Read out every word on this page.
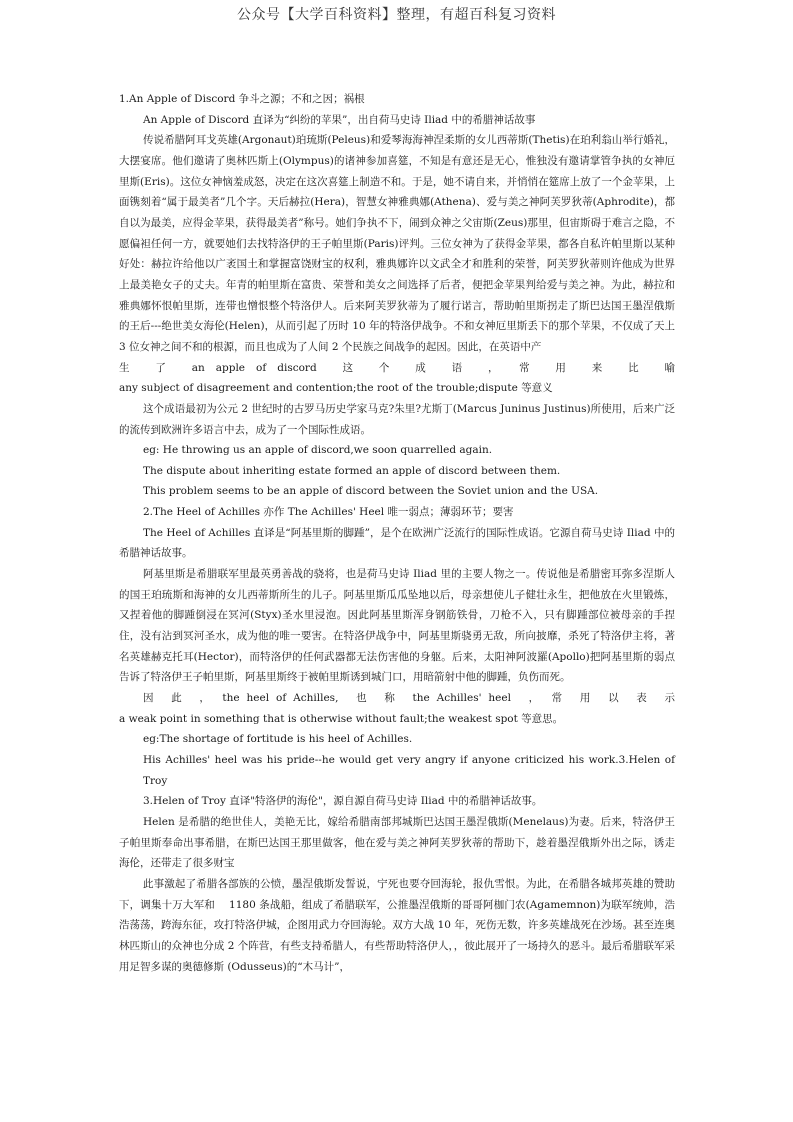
公众号【大学百科资料】整理，有超百科复习资料
1.An Apple of Discord 争斗之源；不和之因；祸根
An Apple of Discord 直译为“纠纷的苹果”，出自荷马史诗 Iliad 中的希腊神话故事
传说希腊阿耳戈英雄(Argonaut)珀琉斯(Peleus)和爱琴海海神涅柔斯的女儿西蒂斯(Thetis)在珀利翁山举行婚礼，大摆宴席。他们邀请了奥林匹斯上(Olympus)的诸神参加喜筵，不知是有意还是无心，惟独没有邀请掌管争执的女神厄里斯(Eris)。这位女神恼羞成怒，决定在这次喜筵上制造不和。于是，她不请自来，并悄悄在筵席上放了一个金苹果，上面镌刻着“属于最美者”几个字。天后赫拉(Hera)，智慧女神雅典娜(Athena)、爱与美之神阿芙罗狄蒂(Aphrodite)，都自以为最美，应得金苹果，获得最美者”称号。她们争执不下，闹到众神之父宙斯(Zeus)那里，但宙斯碍于难言之隐，不愿偏袒任何一方，就要她们去找特洛伊的王子帕里斯(Paris)评判。三位女神为了获得金苹果，都各自私许帕里斯以某种好处：赫拉许给他以广袤国土和掌握富饶财宝的权利，雅典娜许以文武全才和胜利的荣誉，阿芙罗狄蒂则许他成为世界上最美艳女子的丈夫。年青的帕里斯在富贵、荣誉和美女之间选择了后者，便把金苹果判给爱与美之神。为此，赫拉和雅典娜怀恨帕里斯，连带也憎恨整个特洛伊人。后来阿芙罗狄蒂为了履行诺言，帮助帕里斯拐走了斯巴达国王墨涅俄斯的王后---绝世美女海伦(Helen)，从而引起了历时 10 年的特洛伊战争。不和女神厄里斯丢下的那个苹果，不仅成了天上 3 位女神之间不和的根源，而且也成为了人间 2 个民族之间战争的起因。因此，在英语中产
生　了　an apple of discord　这　个　成　语　，　常　用　来　比　喻
any subject of disagreement and contention;the root of the trouble;dispute 等意义
这个成语最初为公元 2 世纪时的古罗马历史学家马克?朱里?尤斯丁(Marcus Juninus Justinus)所使用，后来广泛的流传到欧洲许多语言中去，成为了一个国际性成语。
eg: He throwing us an apple of discord,we soon quarrelled again.
The dispute about inheriting estate formed an apple of discord between them.
This problem seems to be an apple of discord between the Soviet union and the USA.
2.The Heel of Achilles 亦作 The Achilles' Heel 唯一弱点；薄弱环节；要害
The Heel of Achilles 直译是“阿基里斯的脚踵”，是个在欧洲广泛流行的国际性成语。它源自荷马史诗 Iliad 中的希腊神话故事。
阿基里斯是希腊联军里最英勇善战的骁将，也是荷马史诗 Iliad 里的主要人物之一。传说他是希腊密耳弥多涅斯人的国王珀琉斯和海神的女儿西蒂斯所生的儿子。阿基里斯瓜瓜坠地以后，母亲想使儿子健壮永生，把他放在火里锻炼，又捏着他的脚踵倒浸在冥河(Styx)圣水里浸泡。因此阿基里斯浑身钢筋铁骨，刀枪不入，只有脚踵部位被母亲的手捏住，没有沾到冥河圣水，成为他的唯一要害。在特洛伊战争中，阿基里斯骁勇无敌，所向披靡，杀死了特洛伊主将，著名英雄赫克托耳(Hector)，而特洛伊的任何武器都无法伤害他的身躯。后来，太阳神阿波羅(Apollo)把阿基里斯的弱点告诉了特洛伊王子帕里斯，阿基里斯终于被帕里斯诱到城门口，用暗箭射中他的脚踵，负伤而死。
因　此　，　the heel of Achilles,　也　称　the Achilles' heel　，　常　用　以　表　示
a weak point in something that is otherwise without fault;the weakest spot 等意思。
eg:The shortage of fortitude is his heel of Achilles.
His Achilles' heel was his pride--he would get very angry if anyone criticized his work.3.Helen of Troy
3.Helen of Troy 直译"特洛伊的海伦"，源自源自荷马史诗 Iliad 中的希腊神话故事。
Helen 是希腊的绝世佳人，美艳无比，嫁给希腊南部邦城斯巴达国王墨涅俄斯(Menelaus)为妻。后来，特洛伊王子帕里斯奉命出事希腊，在斯巴达国王那里做客，他在爱与美之神阿芙罗狄蒂的帮助下，趁着墨涅俄斯外出之际，诱走海伦，还带走了很多财宝
此事激起了希腊各部族的公愤，墨涅俄斯发誓说，宁死也要夺回海轮，报仇雪恨。为此，在希腊各城邦英雄的赞助下，调集十万大军和　 1180 条战船，组成了希腊联军，公推墨涅俄斯的哥哥阿枷门农(Agamemnon)为联军统帅，浩浩荡荡，跨海东征，攻打特洛伊城，企图用武力夺回海轮。双方大战 10 年，死伤无数，许多英雄战死在沙场。甚至连奥林匹斯山的众神也分成 2 个阵营，有些支持希腊人，有些帮助特洛伊人，，彼此展开了一场持久的恶斗。最后希腊联军采用足智多谋的奥德修斯 (Odusseus)的“木马计”，
